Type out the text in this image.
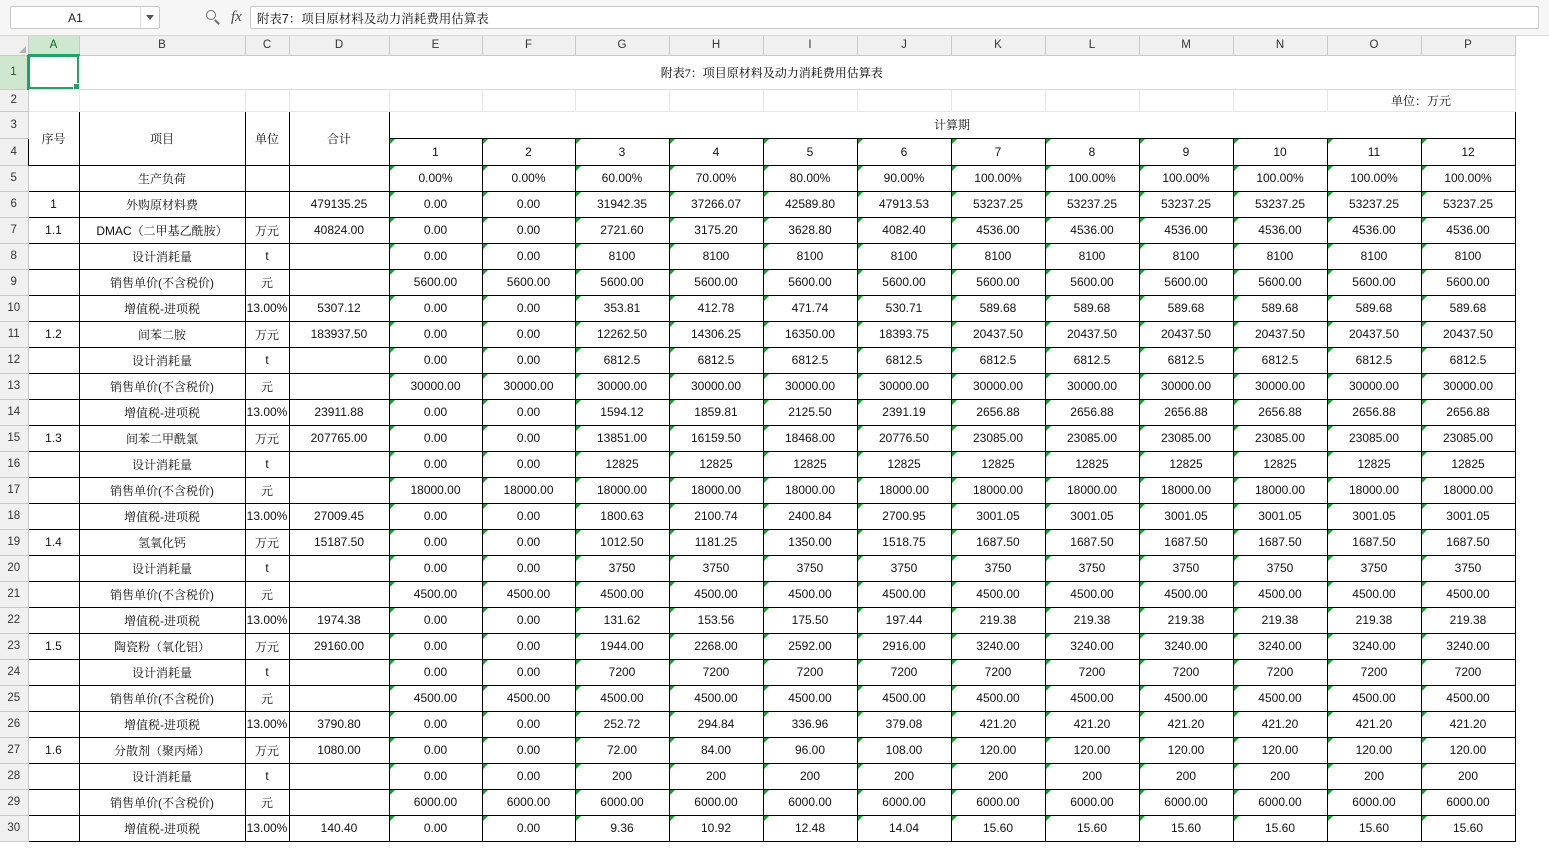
A1	fx	附表7：项目原材料及动力消耗费用估算表
	A	B	C	D	E	F	G	H	I	J	K	L	M	N	O	P
1	附表7：项目原材料及动力消耗费用估算表															
2															单位：万元	
3	序号	项目	单位	合计	计算期											
4					1	2	3	4	5	6	7	8	9	10	11	12
5		生产负荷			0.00%	0.00%	60.00%	70.00%	80.00%	90.00%	100.00%	100.00%	100.00%	100.00%	100.00%	100.00%
6	1	外购原材料费		479135.25	0.00	0.00	31942.35	37266.07	42589.80	47913.53	53237.25	53237.25	53237.25	53237.25	53237.25	53237.25
7	1.1	DMAC（二甲基乙酰胺）	万元	40824.00	0.00	0.00	2721.60	3175.20	3628.80	4082.40	4536.00	4536.00	4536.00	4536.00	4536.00	4536.00
8		设计消耗量	t		0.00	0.00	8100	8100	8100	8100	8100	8100	8100	8100	8100	8100
9		销售单价(不含税价)	元		5600.00	5600.00	5600.00	5600.00	5600.00	5600.00	5600.00	5600.00	5600.00	5600.00	5600.00	5600.00
10		增值税-进项税	13.00%	5307.12	0.00	0.00	353.81	412.78	471.74	530.71	589.68	589.68	589.68	589.68	589.68	589.68
11	1.2	间苯二胺	万元	183937.50	0.00	0.00	12262.50	14306.25	16350.00	18393.75	20437.50	20437.50	20437.50	20437.50	20437.50	20437.50
12		设计消耗量	t		0.00	0.00	6812.5	6812.5	6812.5	6812.5	6812.5	6812.5	6812.5	6812.5	6812.5	6812.5
13		销售单价(不含税价)	元		30000.00	30000.00	30000.00	30000.00	30000.00	30000.00	30000.00	30000.00	30000.00	30000.00	30000.00	30000.00
14		增值税-进项税	13.00%	23911.88	0.00	0.00	1594.12	1859.81	2125.50	2391.19	2656.88	2656.88	2656.88	2656.88	2656.88	2656.88
15	1.3	间苯二甲酰氯	万元	207765.00	0.00	0.00	13851.00	16159.50	18468.00	20776.50	23085.00	23085.00	23085.00	23085.00	23085.00	23085.00
16		设计消耗量	t		0.00	0.00	12825	12825	12825	12825	12825	12825	12825	12825	12825	12825
17		销售单价(不含税价)	元		18000.00	18000.00	18000.00	18000.00	18000.00	18000.00	18000.00	18000.00	18000.00	18000.00	18000.00	18000.00
18		增值税-进项税	13.00%	27009.45	0.00	0.00	1800.63	2100.74	2400.84	2700.95	3001.05	3001.05	3001.05	3001.05	3001.05	3001.05
19	1.4	氢氧化钙	万元	15187.50	0.00	0.00	1012.50	1181.25	1350.00	1518.75	1687.50	1687.50	1687.50	1687.50	1687.50	1687.50
20		设计消耗量	t		0.00	0.00	3750	3750	3750	3750	3750	3750	3750	3750	3750	3750
21		销售单价(不含税价)	元		4500.00	4500.00	4500.00	4500.00	4500.00	4500.00	4500.00	4500.00	4500.00	4500.00	4500.00	4500.00
22		增值税-进项税	13.00%	1974.38	0.00	0.00	131.62	153.56	175.50	197.44	219.38	219.38	219.38	219.38	219.38	219.38
23	1.5	陶瓷粉（氧化铝）	万元	29160.00	0.00	0.00	1944.00	2268.00	2592.00	2916.00	3240.00	3240.00	3240.00	3240.00	3240.00	3240.00
24		设计消耗量	t		0.00	0.00	7200	7200	7200	7200	7200	7200	7200	7200	7200	7200
25		销售单价(不含税价)	元		4500.00	4500.00	4500.00	4500.00	4500.00	4500.00	4500.00	4500.00	4500.00	4500.00	4500.00	4500.00
26		增值税-进项税	13.00%	3790.80	0.00	0.00	252.72	294.84	336.96	379.08	421.20	421.20	421.20	421.20	421.20	421.20
27	1.6	分散剂（聚丙烯）	万元	1080.00	0.00	0.00	72.00	84.00	96.00	108.00	120.00	120.00	120.00	120.00	120.00	120.00
28		设计消耗量	t		0.00	0.00	200	200	200	200	200	200	200	200	200	200
29		销售单价(不含税价)	元		6000.00	6000.00	6000.00	6000.00	6000.00	6000.00	6000.00	6000.00	6000.00	6000.00	6000.00	6000.00
30		增值税-进项税	13.00%	140.40	0.00	0.00	9.36	10.92	12.48	14.04	15.60	15.60	15.60	15.60	15.60	15.60
